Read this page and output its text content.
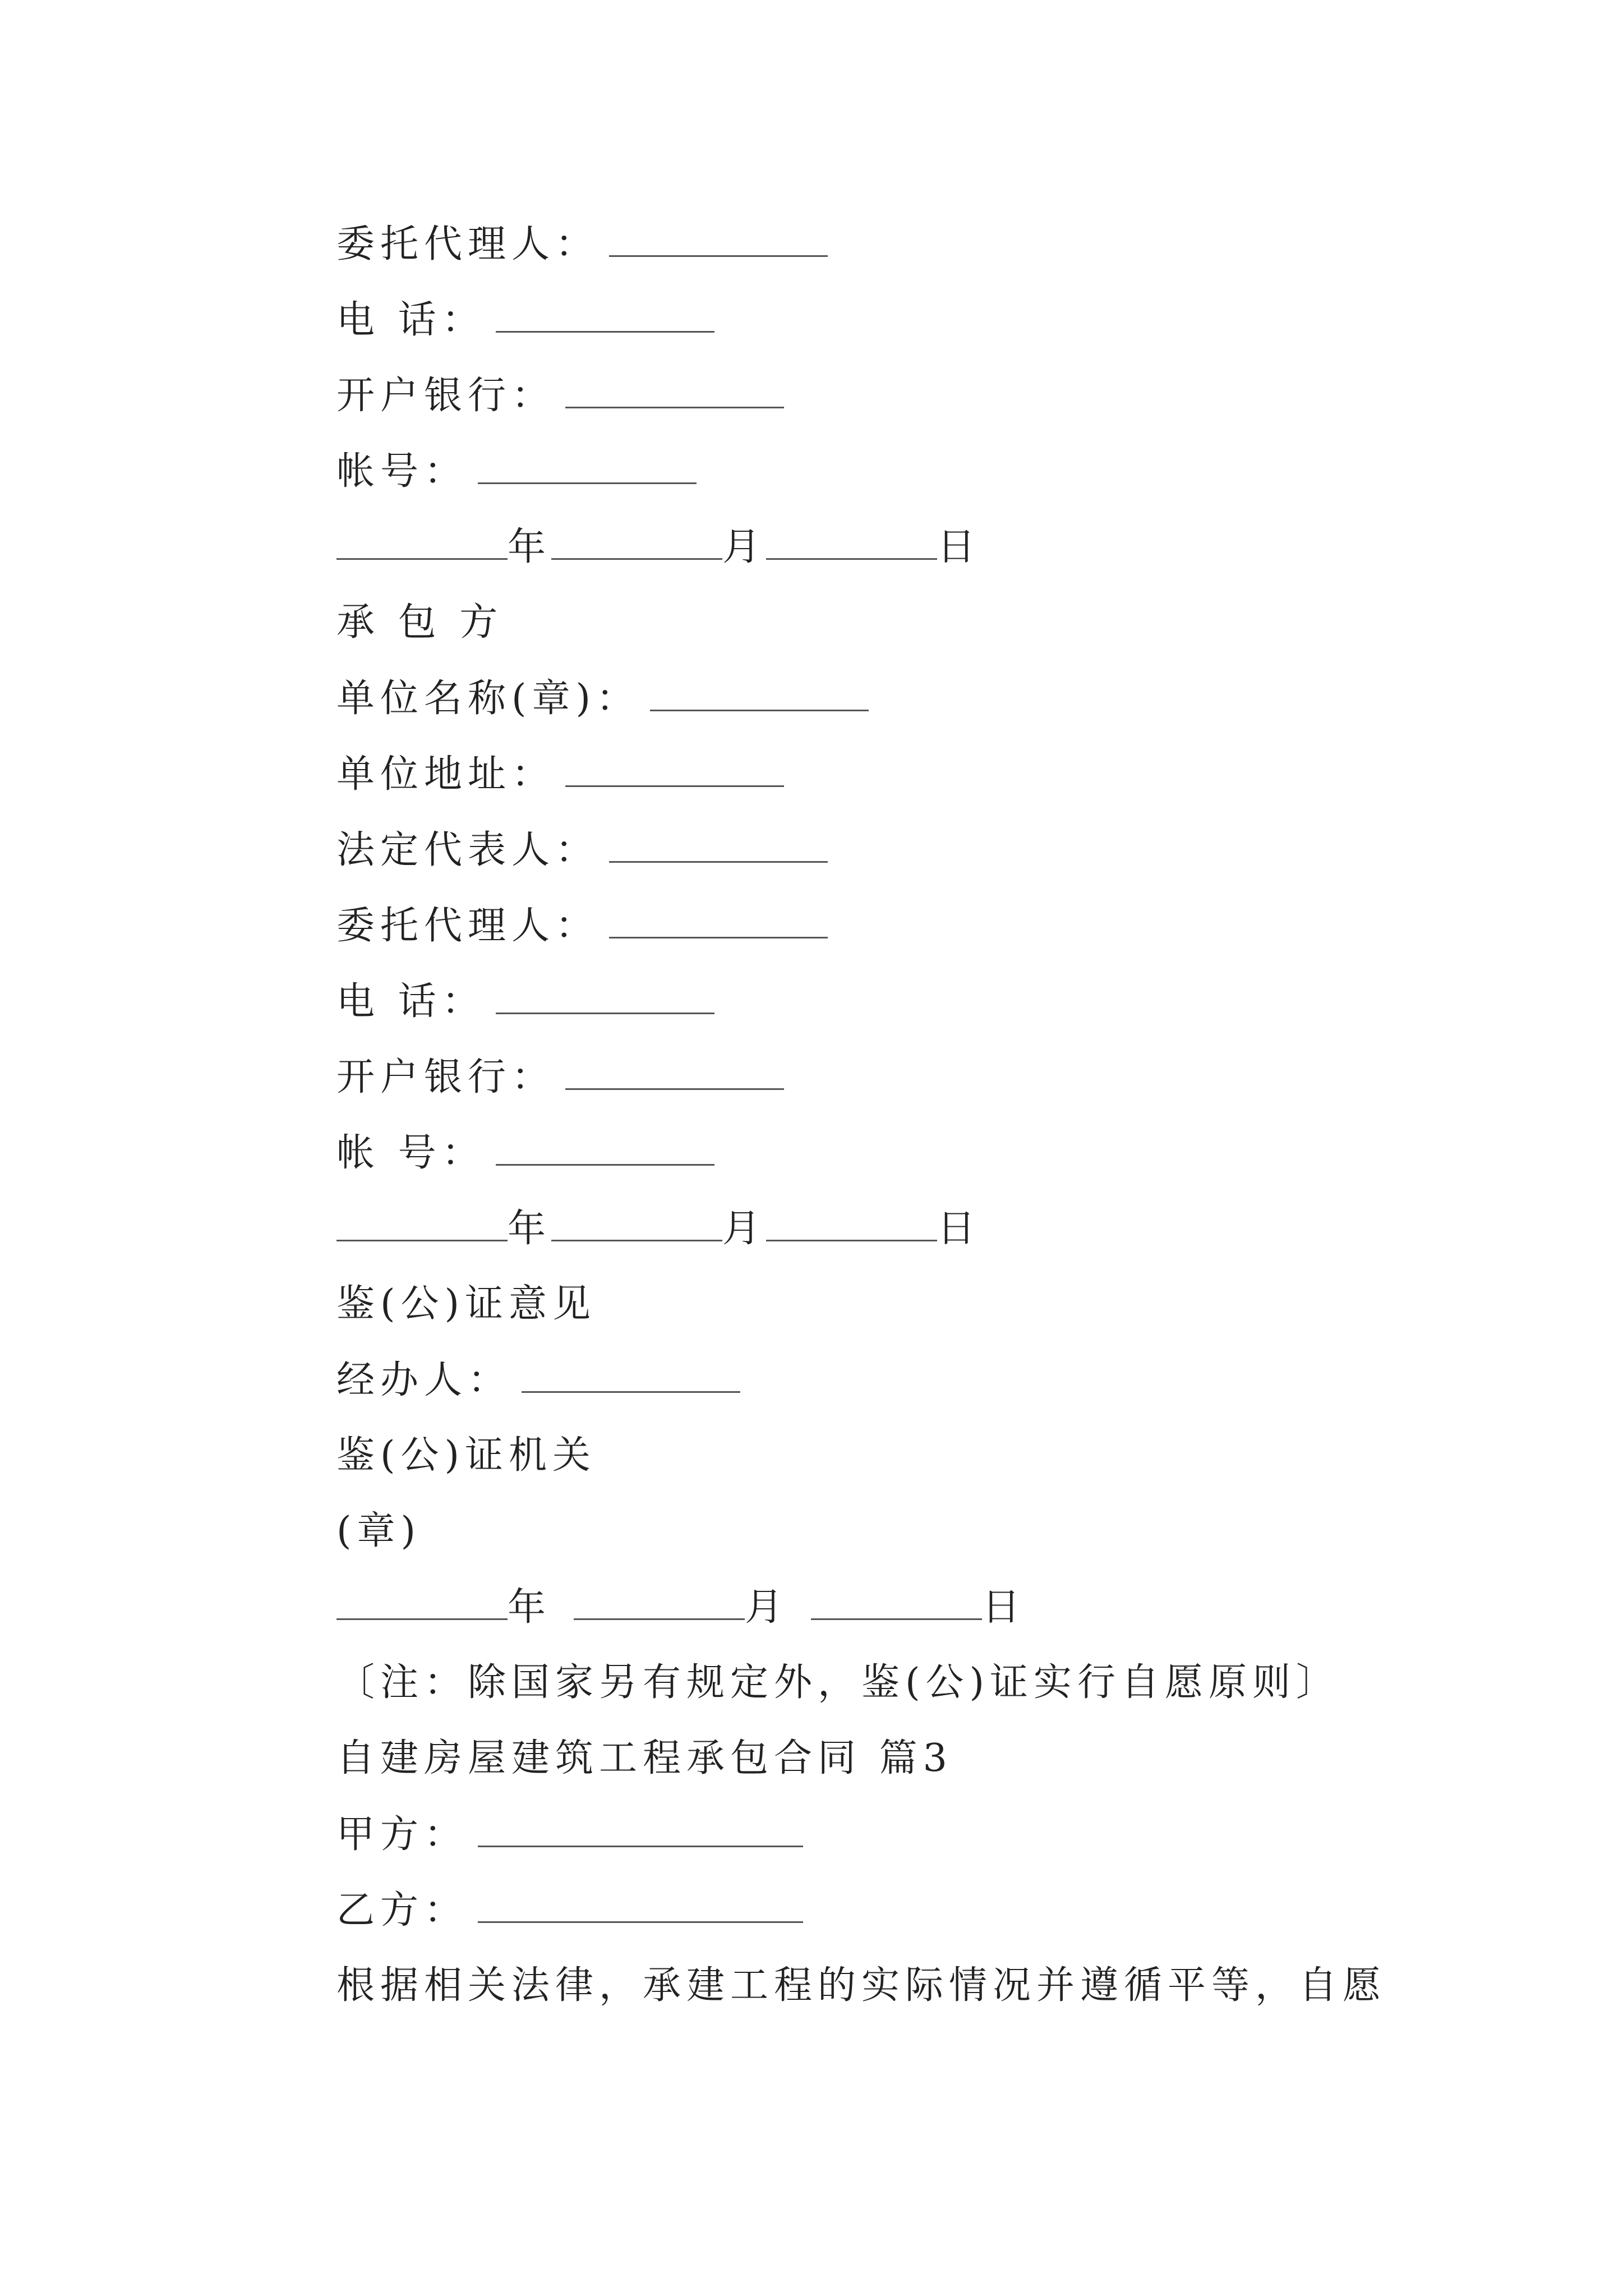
委托代理人：
电 话：
开户银行：
帐号：
年	月	日
承 包 方
单位名称(章)：
单位地址：
法定代表人：
委托代理人：
电 话：
开户银行：
帐 号：
年	月	日
鉴(公)证意见
经办人：
鉴(公)证机关
(章)
年	月	日
〔注：除国家另有规定外，鉴(公)证实行自愿原则〕
自建房屋建筑工程承包合同 篇3
甲方：
乙方：
根据相关法律，承建工程的实际情况并遵循平等，自愿
